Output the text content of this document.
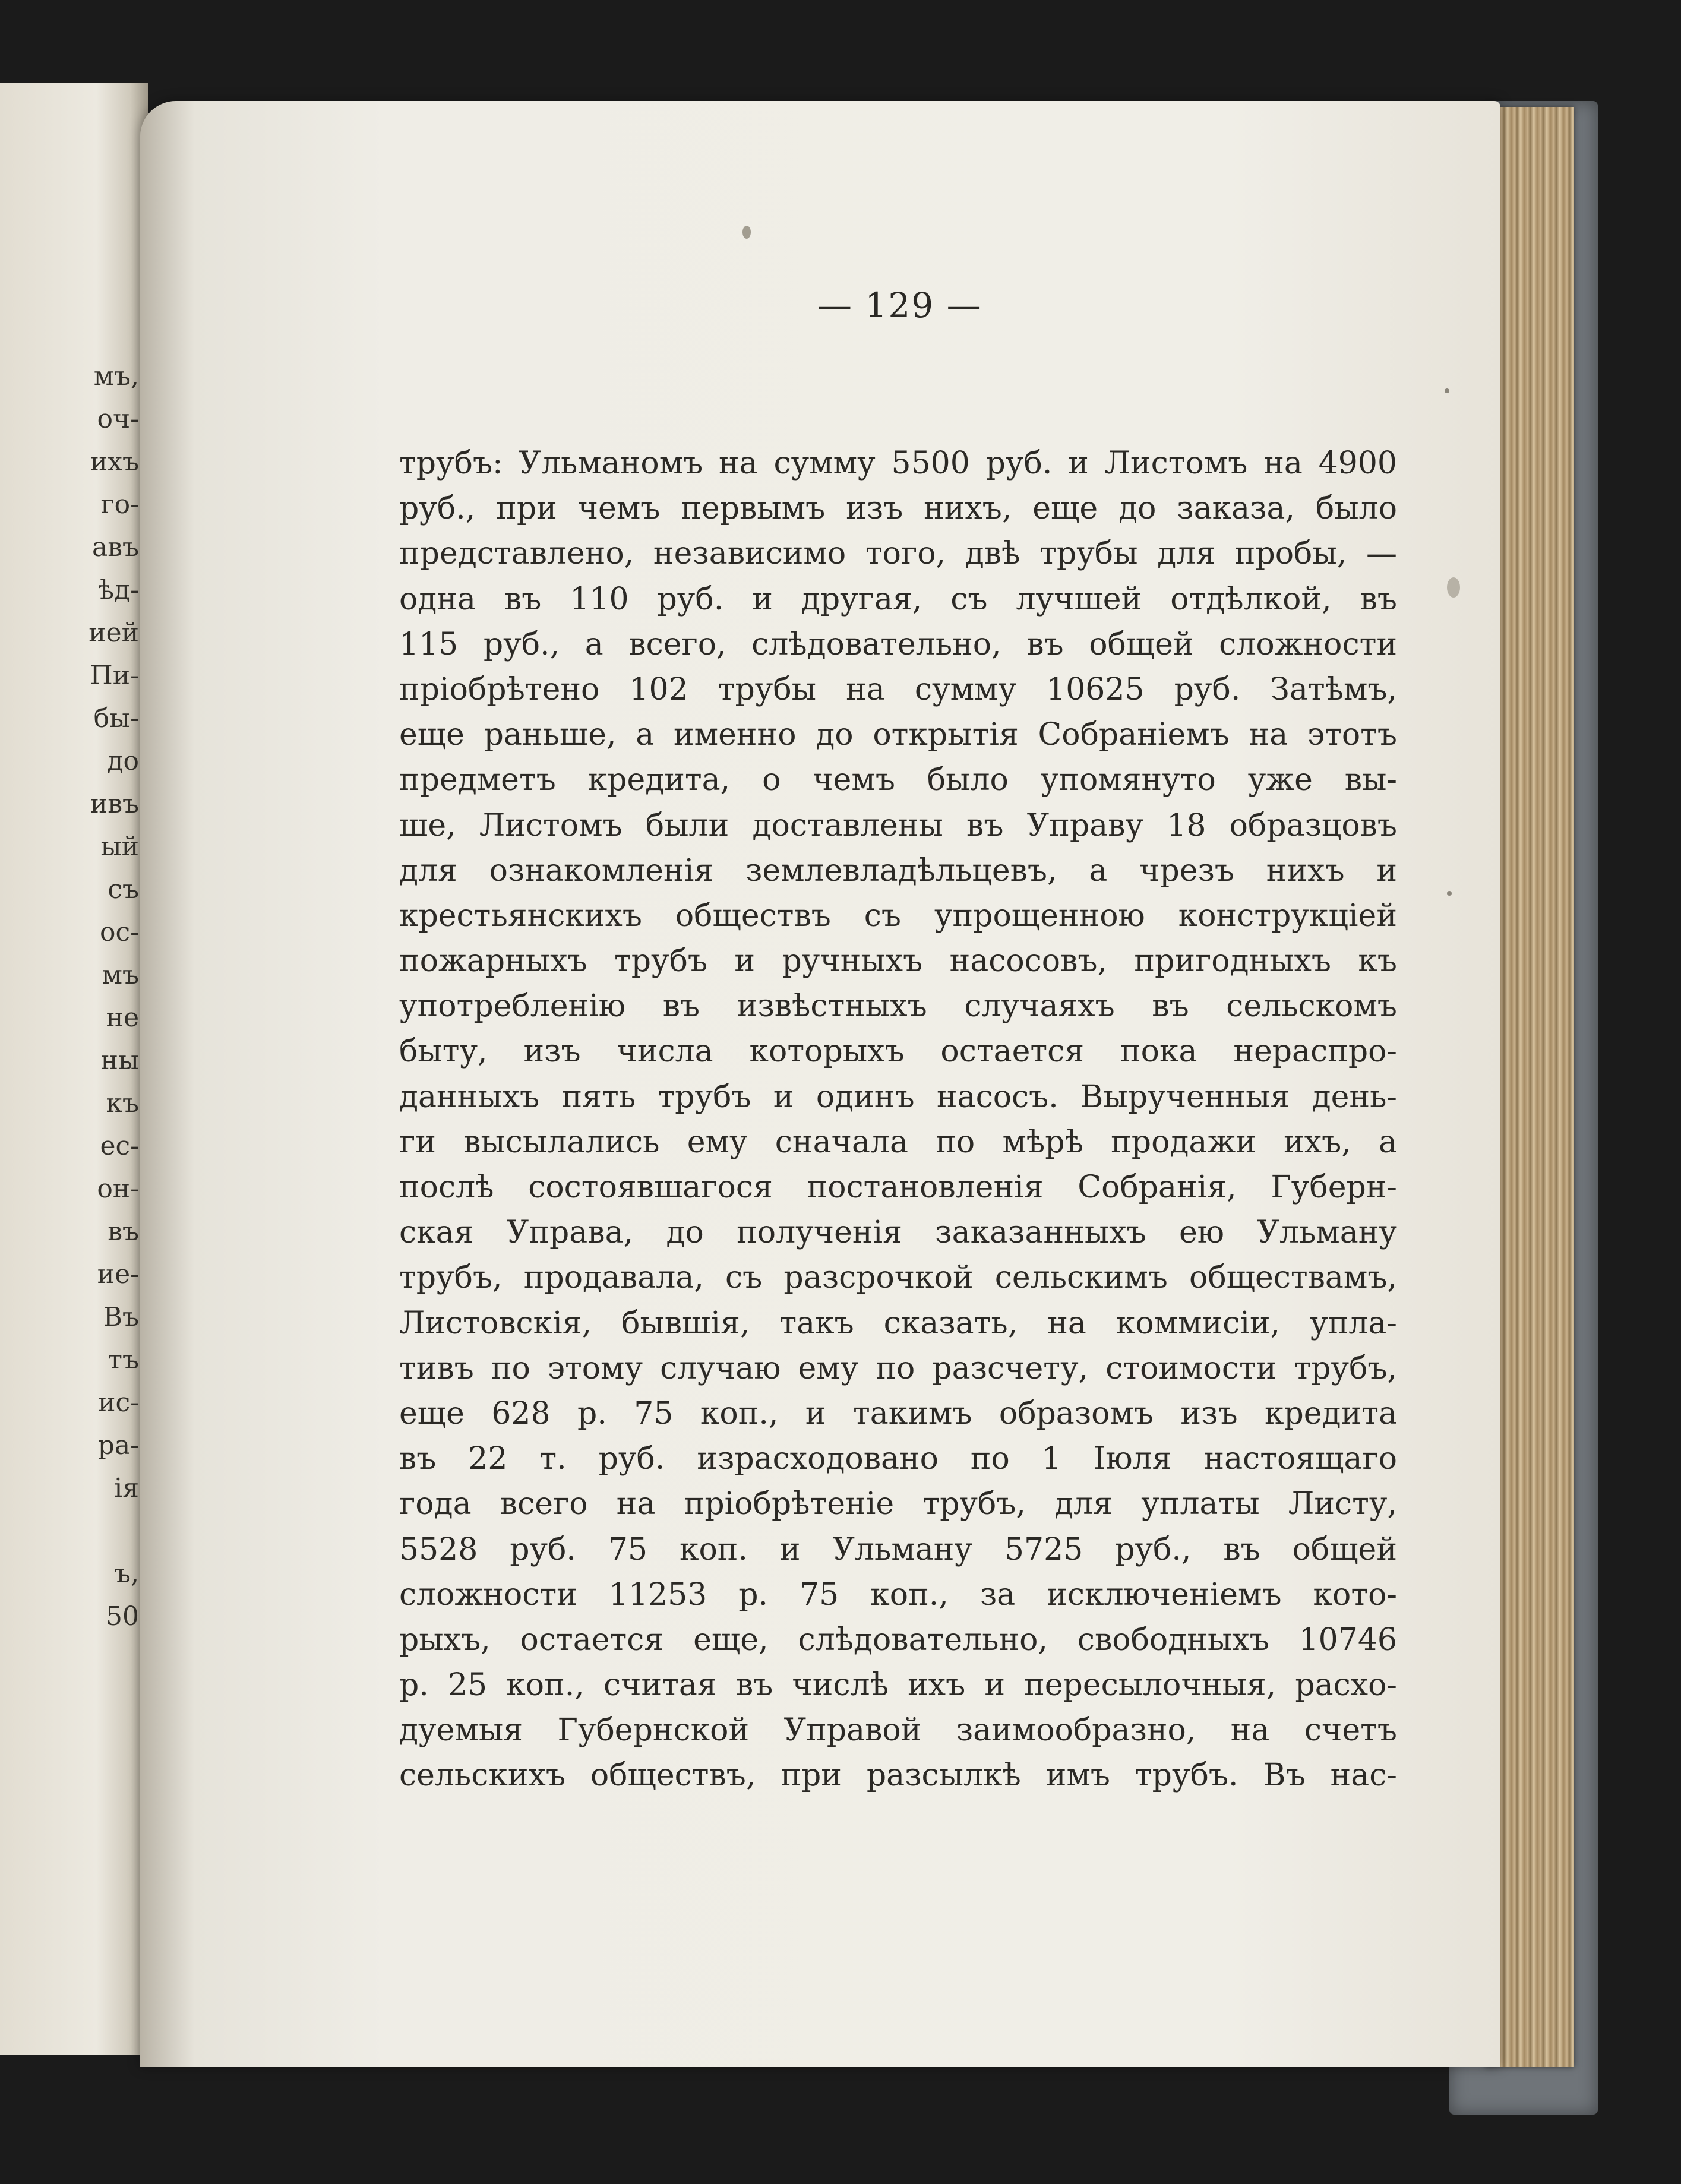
мъ,
оч-
ихъ
го-
авъ
ѣд-
ией
Пи-
бы-
до
ивъ
ый
съ
ос-
мъ
не
ны
къ
ес-
он-
въ
ие-
Въ
тъ
ис-
ра-
ія
ъ,
50
— 129 —
трубъ: Ульманомъ на сумму 5500 руб. и Листомъ на 4900
руб., при чемъ первымъ изъ нихъ, еще до заказа, было
представлено, независимо того, двѣ трубы для пробы, —
одна въ 110 руб. и другая, съ лучшей отдѣлкой, въ
115 руб., а всего, слѣдовательно, въ общей сложности
пріобрѣтено 102 трубы на сумму 10625 руб. Затѣмъ,
еще раньше, а именно до открытія Собраніемъ на этотъ
предметъ кредита, о чемъ было упомянуто уже вы-
ше, Листомъ были доставлены въ Управу 18 образцовъ
для ознакомленія землевладѣльцевъ, а чрезъ нихъ и
крестьянскихъ обществъ съ упрощенною конструкціей
пожарныхъ трубъ и ручныхъ насосовъ, пригодныхъ къ
употребленію въ извѣстныхъ случаяхъ въ сельскомъ
быту, изъ числа которыхъ остается пока нераспро-
данныхъ пять трубъ и одинъ насосъ. Вырученныя день-
ги высылались ему сначала по мѣрѣ продажи ихъ, а
послѣ состоявшагося постановленія Собранія, Губерн-
ская Управа, до полученія заказанныхъ ею Ульману
трубъ, продавала, съ разсрочкой сельскимъ обществамъ,
Листовскія, бывшія, такъ сказать, на коммисіи, упла-
тивъ по этому случаю ему по разсчету, стоимости трубъ,
еще 628 р. 75 коп., и такимъ образомъ изъ кредита
въ 22 т. руб. израсходовано по 1 Іюля настоящаго
года всего на пріобрѣтеніе трубъ, для уплаты Листу,
5528 руб. 75 коп. и Ульману 5725 руб., въ общей
сложности 11253 р. 75 коп., за исключеніемъ кото-
рыхъ, остается еще, слѣдовательно, свободныхъ 10746
р. 25 коп., считая въ числѣ ихъ и пересылочныя, расхо-
дуемыя Губернской Управой заимообразно, на счетъ
сельскихъ обществъ, при разсылкѣ имъ трубъ. Въ нас-
